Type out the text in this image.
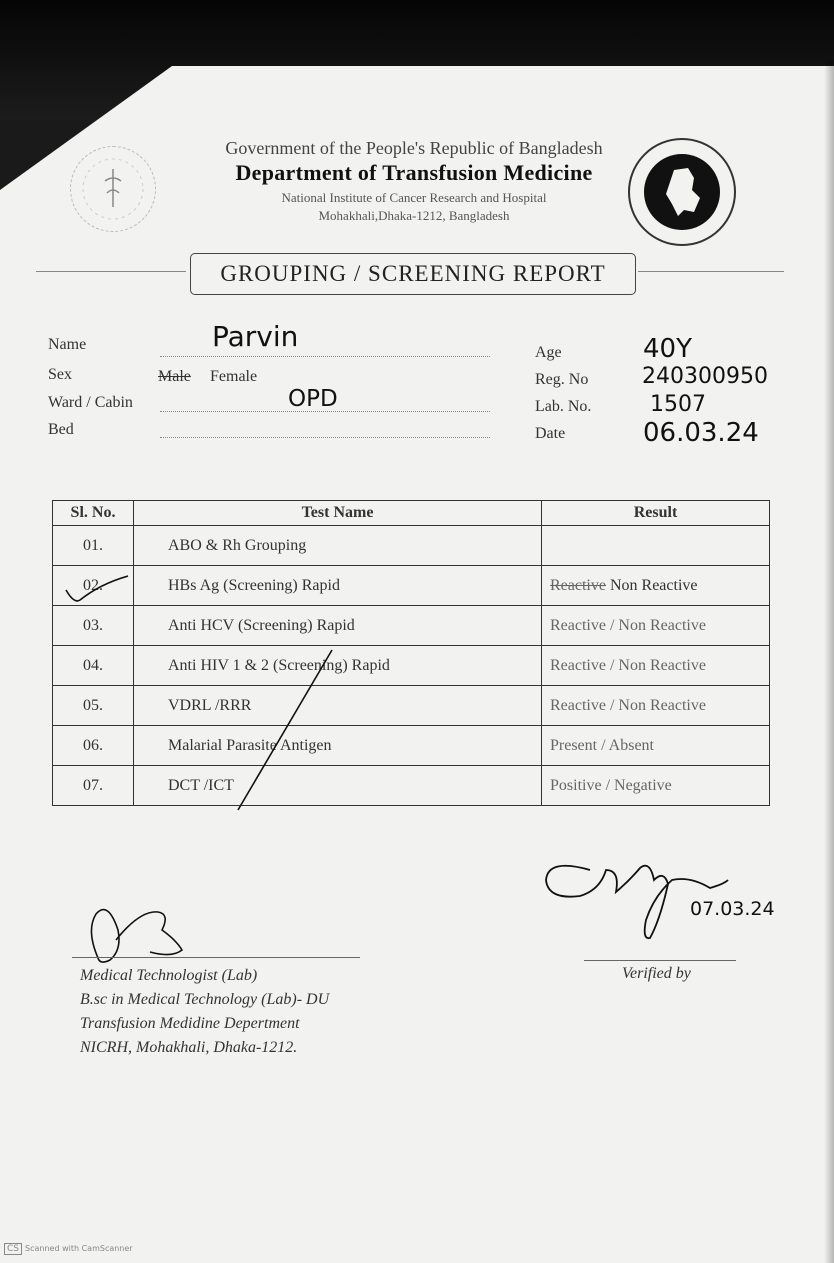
Government of the People's Republic of Bangladesh
Department of Transfusion Medicine
National Institute of Cancer Research and Hospital
Mohakhali,Dhaka-1212, Bangladesh
GROUPING / SCREENING REPORT
Name	Parvin
Sex	Male Female
Ward / Cabin	OPD
Bed
Age	40Y
Reg. No 240300950
Lab. No.	1507
Date	06.03.24
Sl. No.	Test Name	Result
01.	ABO & Rh Grouping	
02.	HBs Ag (Screening) Rapid	Reactive Non Reactive
03.	Anti HCV (Screening) Rapid	Reactive / Non Reactive
04.	Anti HIV 1 & 2 (Screening) Rapid	Reactive / Non Reactive
05.	VDRL /RRR	Reactive / Non Reactive
06.	Malarial Parasite Antigen	Present / Absent
07.	DCT /ICT	Positive / Negative
Medical Technologist (Lab)
B.sc in Medical Technology (Lab)- DU
Transfusion Medidine Depertment
NICRH, Mohakhali, Dhaka-1212.
07.03.24
Verified by
CS Scanned with CamScanner
